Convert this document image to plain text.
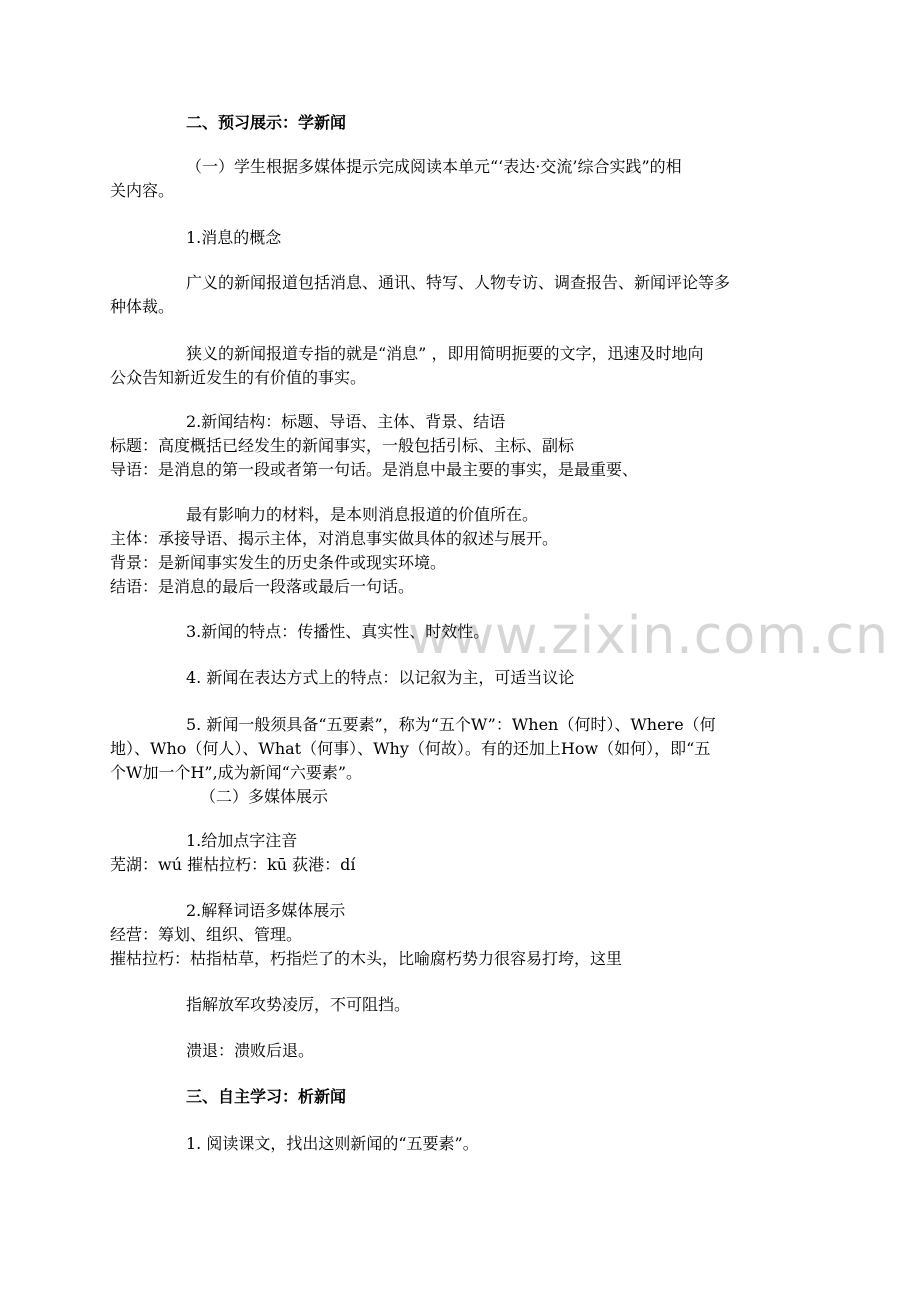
www.zixin.com.cn
二、预习展示：学新闻
（一）学生根据多媒体提示完成阅读本单元“‘表达·交流’综合实践”的相
关内容。
1.消息的概念
广义的新闻报道包括消息、通讯、特写、人物专访、调查报告、新闻评论等多
种体裁。
狭义的新闻报道专指的就是“消息” ，即用简明扼要的文字，迅速及时地向
公众告知新近发生的有价值的事实。
2.新闻结构：标题、导语、主体、背景、结语
标题：高度概括已经发生的新闻事实，一般包括引标、主标、副标
导语：是消息的第一段或者第一句话。是消息中最主要的事实，是最重要、
最有影响力的材料，是本则消息报道的价值所在。
主体：承接导语、揭示主体，对消息事实做具体的叙述与展开。
背景：是新闻事实发生的历史条件或现实环境。
结语：是消息的最后一段落或最后一句话。
3.新闻的特点：传播性、真实性、时效性。
4. 新闻在表达方式上的特点：以记叙为主，可适当议论
5. 新闻一般须具备“五要素”，称为“五个W”：When（何时）、Where（何
地）、Who（何人）、What（何事）、Why（何故）。有的还加上How（如何），即“五
个W加一个H”,成为新闻“六要素”。
（二）多媒体展示
1.给加点字注音
芜湖：wú 摧枯拉朽：kū 荻港：dí
2.解释词语多媒体展示
经营：筹划、组织、管理。
摧枯拉朽：枯指枯草，朽指烂了的木头，比喻腐朽势力很容易打垮，这里
指解放军攻势凌厉，不可阻挡。
溃退：溃败后退。
三、自主学习：析新闻
1. 阅读课文，找出这则新闻的“五要素”。
